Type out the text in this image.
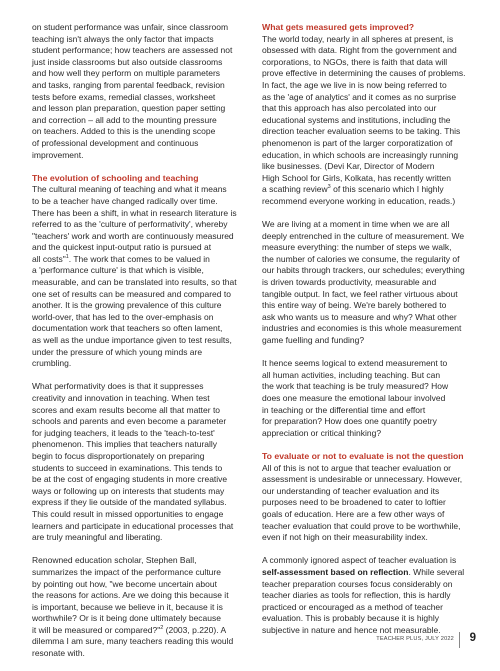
on student performance was unfair, since classroom
teaching isn't always the only factor that impacts
student performance; how teachers are assessed not
just inside classrooms but also outside classrooms
and how well they perform on multiple parameters
and tasks, ranging from parental feedback, revision
tests before exams, remedial classes, worksheet
and lesson plan preparation, question paper setting
and correction – all add to the mounting pressure
on teachers. Added to this is the unending scope
of professional development and continuous
improvement.

The evolution of schooling and teaching

The cultural meaning of teaching and what it means
to be a teacher have changed radically over time.
There has been a shift, in what in research literature is
referred to as the 'culture of performativity', whereby
"teachers' work and worth are continuously measured
and the quickest input-output ratio is pursued at
all costs"$^1$. The work that comes to be valued in
a 'performance culture' is that which is visible,
measurable, and can be translated into results, so that
one set of results can be measured and compared to
another. It is the growing prevalence of this culture
world-over, that has led to the over-emphasis on
documentation work that teachers so often lament,
as well as the undue importance given to test results,
under the pressure of which young minds are
crumbling.

What performativity does is that it suppresses
creativity and innovation in teaching. When test
scores and exam results become all that matter to
schools and parents and even become a parameter
for judging teachers, it leads to the 'teach-to-test'
phenomenon. This implies that teachers naturally
begin to focus disproportionately on preparing
students to succeed in examinations. This tends to
be at the cost of engaging students in more creative
ways or following up on interests that students may
express if they lie outside of the mandated syllabus.
This could result in missed opportunities to engage
learners and participate in educational processes that
are truly meaningful and liberating.

Renowned education scholar, Stephen Ball,
summarizes the impact of the performance culture
by pointing out how, "we become uncertain about
the reasons for actions. Are we doing this because it
is important, because we believe in it, because it is
worthwhile? Or is it being done ultimately because
it will be measured or compared?"$^2$ (2003, p.220). A
dilemma I am sure, many teachers reading this would
resonate with.

What gets measured gets improved?

The world today, nearly in all spheres at present, is
obsessed with data. Right from the government and
corporations, to NGOs, there is faith that data will
prove effective in determining the causes of problems.
In fact, the age we live in is now being referred to
as the 'age of analytics' and it comes as no surprise
that this approach has also percolated into our
educational systems and institutions, including the
direction teacher evaluation seems to be taking. This
phenomenon is part of the larger corporatization of
education, in which schools are increasingly running
like businesses. (Devi Kar, Director of Modern
High School for Girls, Kolkata, has recently written
a scathing review$^3$ of this scenario which I highly
recommend everyone working in education, reads.)

We are living at a moment in time when we are all
deeply entrenched in the culture of measurement. We
measure everything: the number of steps we walk,
the number of calories we consume, the regularity of
our habits through trackers, our schedules; everything
is driven towards productivity, measurable and
tangible output. In fact, we feel rather virtuous about
this entire way of being. We're barely bothered to
ask who wants us to measure and why? What other
industries and economies is this whole measurement
game fuelling and funding?

It hence seems logical to extend measurement to
all human activities, including teaching. But can
the work that teaching is be truly measured? How
does one measure the emotional labour involved
in teaching or the differential time and effort
for preparation? How does one quantify poetry
appreciation or critical thinking?

To evaluate or not to evaluate is not the question

All of this is not to argue that teacher evaluation or
assessment is undesirable or unnecessary. However,
our understanding of teacher evaluation and its
purposes need to be broadened to cater to loftier
goals of education. Here are a few other ways of
teacher evaluation that could prove to be worthwhile,
even if not high on their measurability index.

A commonly ignored aspect of teacher evaluation is
self-assessment based on reflection. While several
teacher preparation courses focus considerably on
teacher diaries as tools for reflection, this is hardly
practiced or encouraged as a method of teacher
evaluation. This is probably because it is highly
subjective in nature and hence not measurable.

TEACHER PLUS, JULY 2022 9
